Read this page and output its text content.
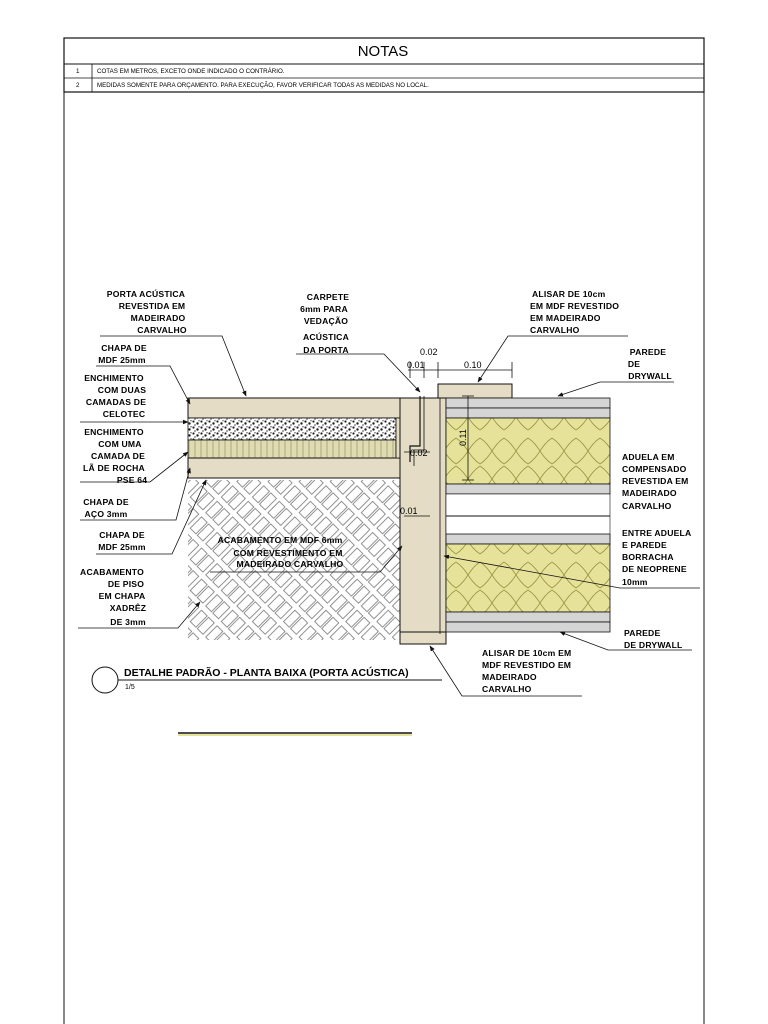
NOTAS
1	COTAS EM METROS, EXCETO ONDE INDICADO O CONTRÁRIO.
2	MEDIDAS SOMENTE PARA ORÇAMENTO. PARA EXECUÇÃO, FAVOR VERIFICAR TODAS AS MEDIDAS NO LOCAL.
0.02
0.01	0.10
0.11
0.02
0.01
PORTA ACÚSTICA
REVESTIDA EM
MADEIRADO
CARVALHO
CHAPA DE
MDF 25mm
ENCHIMENTO
COM DUAS
CAMADAS DE
CELOTEC
ENCHIMENTO
COM UMA
CAMADA DE
LÃ DE ROCHA
PSE 64
CHAPA DE
AÇO 3mm
CHAPA DE
MDF 25mm
ACABAMENTO
DE PISO
EM CHAPA
XADRÊZ
DE 3mm
CARPETE
6mm PARA
VEDAÇÃO
ACÚSTICA
DA PORTA
ACABAMENTO EM MDF 6mm
COM REVESTIMENTO EM
MADEIRADO CARVALHO
ALISAR DE 10cm
EM MDF REVESTIDO
EM MADEIRADO
CARVALHO
PAREDE
DE
DRYWALL
ADUELA EM
COMPENSADO
REVESTIDA EM
MADEIRADO
CARVALHO
ENTRE ADUELA
E PAREDE
BORRACHA
DE NEOPRENE
10mm
PAREDE
DE DRYWALL
ALISAR DE 10cm EM
MDF REVESTIDO EM
MADEIRADO
CARVALHO
DETALHE PADRÃO - PLANTA BAIXA (PORTA ACÚSTICA)
1/5
